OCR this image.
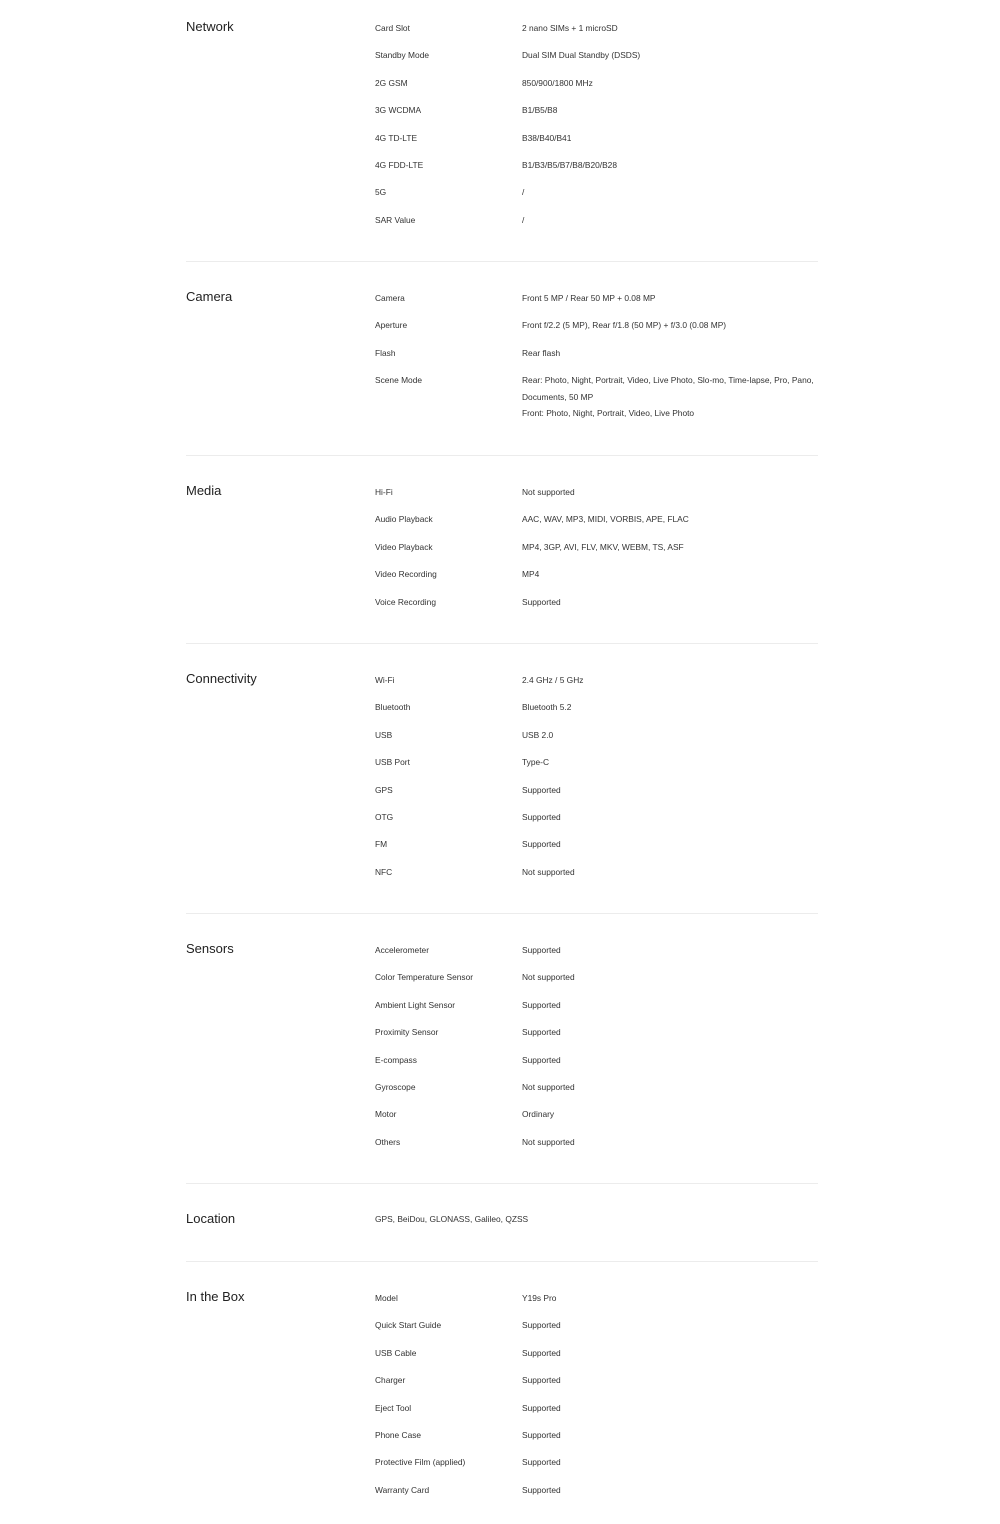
Network	Card Slot	2 nano SIMs + 1 microSD
Standby Mode	Dual SIM Dual Standby (DSDS)
2G GSM	850/900/1800 MHz
3G WCDMA	B1/B5/B8
4G TD-LTE	B38/B40/B41
4G FDD-LTE	B1/B3/B5/B7/B8/B20/B28
5G	/
SAR Value	/
Camera	Camera	Front 5 MP / Rear 50 MP + 0.08 MP
Aperture	Front f/2.2 (5 MP), Rear f/1.8 (50 MP) + f/3.0 (0.08 MP)
Flash	Rear flash
Scene Mode	Rear: Photo, Night, Portrait, Video, Live Photo, Slo-mo, Time-lapse, Pro, Pano, Documents, 50 MP
Front: Photo, Night, Portrait, Video, Live Photo
Media	Hi-Fi	Not supported
Audio Playback	AAC, WAV, MP3, MIDI, VORBIS, APE, FLAC
Video Playback	MP4, 3GP, AVI, FLV, MKV, WEBM, TS, ASF
Video Recording	MP4
Voice Recording	Supported
Connectivity	Wi-Fi	2.4 GHz / 5 GHz
Bluetooth	Bluetooth 5.2
USB	USB 2.0
USB Port	Type-C
GPS	Supported
OTG	Supported
FM	Supported
NFC	Not supported
Sensors	Accelerometer	Supported
Color Temperature Sensor	Not supported
Ambient Light Sensor	Supported
Proximity Sensor	Supported
E-compass	Supported
Gyroscope	Not supported
Motor	Ordinary
Others	Not supported
Location	GPS, BeiDou, GLONASS, Galileo, QZSS
In the Box	Model	Y19s Pro
Quick Start Guide	Supported
USB Cable	Supported
Charger	Supported
Eject Tool	Supported
Phone Case	Supported
Protective Film (applied)	Supported
Warranty Card	Supported
